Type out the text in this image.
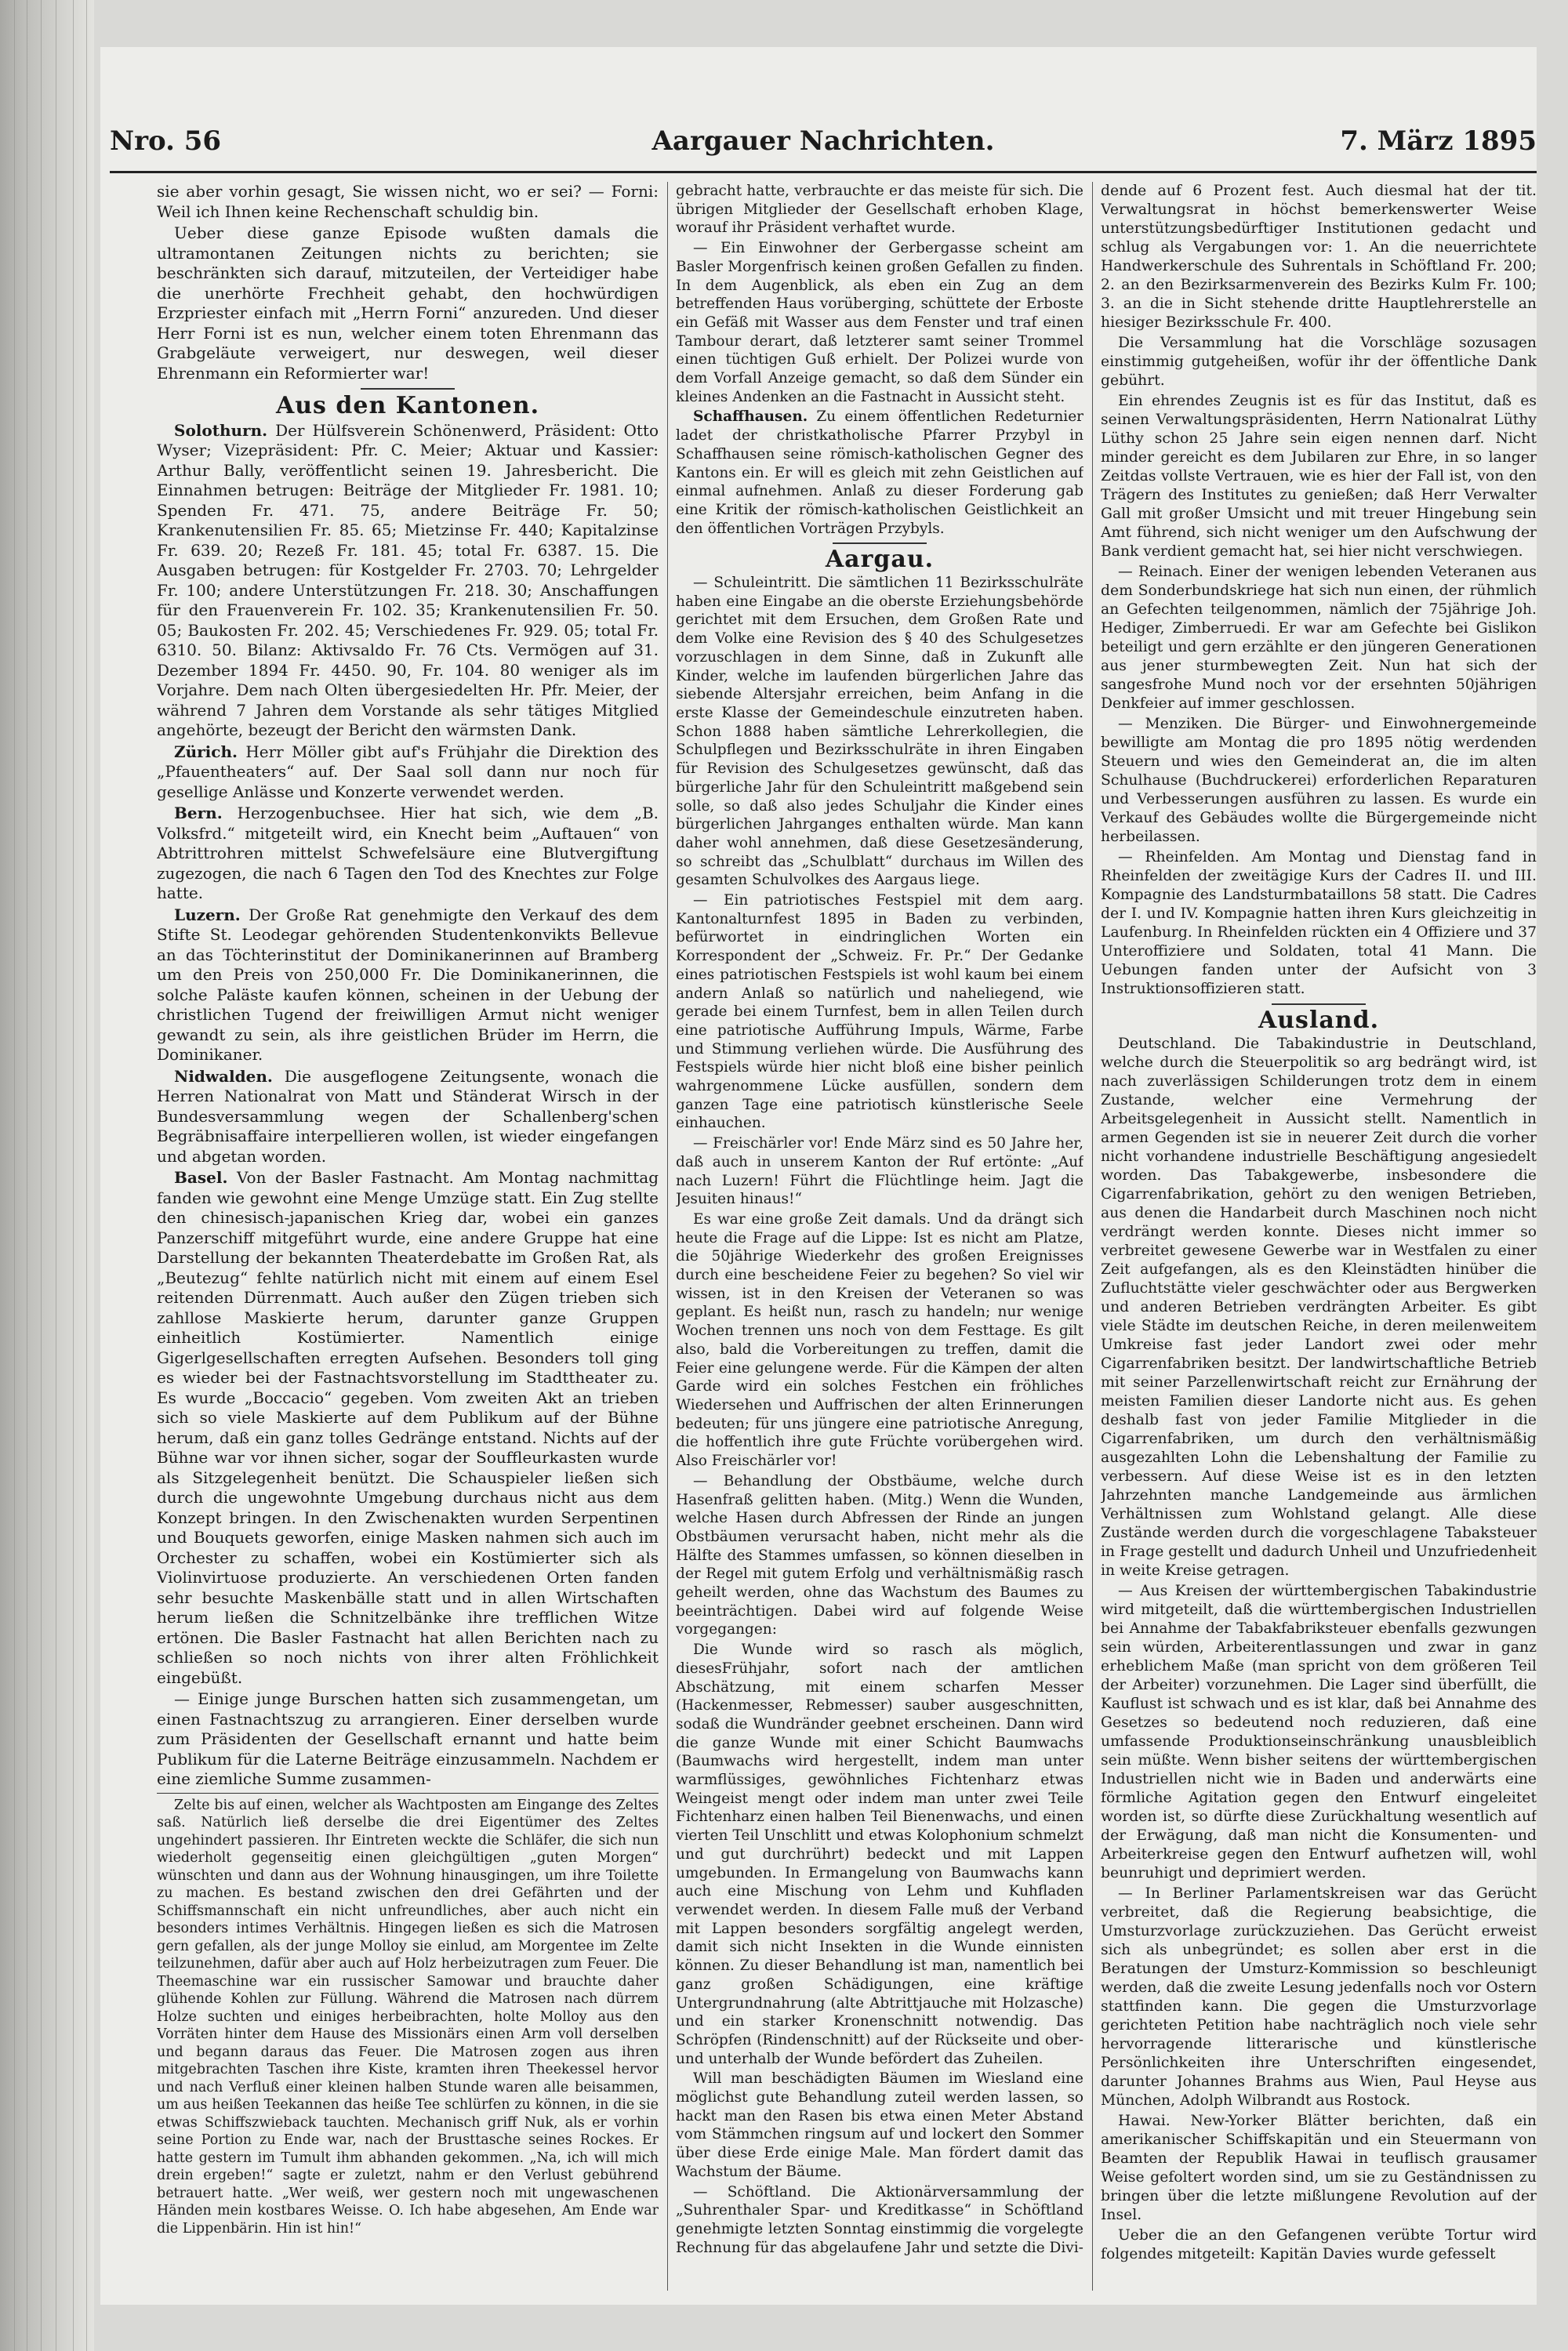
Nro. 56	Aargauer Nachrichten.	7. März 1895

sie aber vorhin gesagt, Sie wissen nicht, wo er sei? — Forni: Weil ich Ihnen keine Rechenschaft schuldig bin.

Ueber diese ganze Episode wußten damals die ultramontanen Zeitungen nichts zu berichten; sie beschränkten sich darauf, mitzuteilen, der Verteidiger habe die unerhörte Frechheit gehabt, den hochwürdigen Erzpriester einfach mit „Herrn Forni“ anzureden. Und dieser Herr Forni ist es nun, welcher einem toten Ehrenmann das Grabgeläute verweigert, nur deswegen, weil dieser Ehrenmann ein Reformierter war!

Aus den Kantonen.

Solothurn. Der Hülfsverein Schönenwerd, Präsident: Otto Wyser; Vizepräsident: Pfr. C. Meier; Aktuar und Kassier: Arthur Bally, veröffentlicht seinen 19. Jahresbericht. Die Einnahmen betrugen: Beiträge der Mitglieder Fr. 1981. 10; Spenden Fr. 471. 75, andere Beiträge Fr. 50; Krankenutensilien Fr. 85. 65; Mietzinse Fr. 440; Kapitalzinse Fr. 639. 20; Rezeß Fr. 181. 45; total Fr. 6387. 15. Die Ausgaben betrugen: für Kostgelder Fr. 2703. 70; Lehrgelder Fr. 100; andere Unterstützungen Fr. 218. 30; Anschaffungen für den Frauenverein Fr. 102. 35; Krankenutensilien Fr. 50. 05; Baukosten Fr. 202. 45; Verschiedenes Fr. 929. 05; total Fr. 6310. 50. Bilanz: Aktivsaldo Fr. 76 Cts. Vermögen auf 31. Dezember 1894 Fr. 4450. 90, Fr. 104. 80 weniger als im Vorjahre. Dem nach Olten übergesiedelten Hr. Pfr. Meier, der während 7 Jahren dem Vorstande als sehr tätiges Mitglied angehörte, bezeugt der Bericht den wärmsten Dank.

Zürich. Herr Möller gibt auf's Frühjahr die Direktion des „Pfauentheaters“ auf. Der Saal soll dann nur noch für gesellige Anlässe und Konzerte verwendet werden.

Bern. Herzogenbuchsee. Hier hat sich, wie dem „B. Volksfrd.“ mitgeteilt wird, ein Knecht beim „Auftauen“ von Abtrittrohren mittelst Schwefelsäure eine Blutvergiftung zugezogen, die nach 6 Tagen den Tod des Knechtes zur Folge hatte.

Luzern. Der Große Rat genehmigte den Verkauf des dem Stifte St. Leodegar gehörenden Studentenkonvikts Bellevue an das Töchterinstitut der Dominikanerinnen auf Bramberg um den Preis von 250,000 Fr. Die Dominikanerinnen, die solche Paläste kaufen können, scheinen in der Uebung der christlichen Tugend der freiwilligen Armut nicht weniger gewandt zu sein, als ihre geistlichen Brüder im Herrn, die Dominikaner.

Nidwalden. Die ausgeflogene Zeitungsente, wonach die Herren Nationalrat von Matt und Ständerat Wirsch in der Bundesversammlung wegen der Schallenberg'schen Begräbnisaffaire interpellieren wollen, ist wieder eingefangen und abgetan worden.

Basel. Von der Basler Fastnacht. Am Montag nachmittag fanden wie gewohnt eine Menge Umzüge statt. Ein Zug stellte den chinesisch-japanischen Krieg dar, wobei ein ganzes Panzerschiff mitgeführt wurde, eine andere Gruppe hat eine Darstellung der bekannten Theaterdebatte im Großen Rat, als „Beutezug“ fehlte natürlich nicht mit einem auf einem Esel reitenden Dürrenmatt. Auch außer den Zügen trieben sich zahllose Maskierte herum, darunter ganze Gruppen einheitlich Kostümierter. Namentlich einige Gigerlgesellschaften erregten Aufsehen. Besonders toll ging es wieder bei der Fastnachtsvorstellung im Stadttheater zu. Es wurde „Boccacio“ gegeben. Vom zweiten Akt an trieben sich so viele Maskierte auf dem Publikum auf der Bühne herum, daß ein ganz tolles Gedränge entstand. Nichts auf der Bühne war vor ihnen sicher, sogar der Souffleurkasten wurde als Sitzgelegenheit benützt. Die Schauspieler ließen sich durch die ungewohnte Umgebung durchaus nicht aus dem Konzept bringen. In den Zwischenakten wurden Serpentinen und Bouquets geworfen, einige Masken nahmen sich auch im Orchester zu schaffen, wobei ein Kostümierter sich als Violinvirtuose produzierte. An verschiedenen Orten fanden sehr besuchte Maskenbälle statt und in allen Wirtschaften herum ließen die Schnitzelbänke ihre trefflichen Witze ertönen. Die Basler Fastnacht hat allen Berichten nach zu schließen so noch nichts von ihrer alten Fröhlichkeit eingebüßt.

— Einige junge Burschen hatten sich zusammengetan, um einen Fastnachtszug zu arrangieren. Einer derselben wurde zum Präsidenten der Gesellschaft ernannt und hatte beim Publikum für die Laterne Beiträge einzusammeln. Nachdem er eine ziemliche Summe zusammen-

Zelte bis auf einen, welcher als Wachtposten am Eingange des Zeltes saß. Natürlich ließ derselbe die drei Eigentümer des Zeltes ungehindert passieren. Ihr Eintreten weckte die Schläfer, die sich nun wiederholt gegenseitig einen gleichgültigen „guten Morgen“ wünschten und dann aus der Wohnung hinausgingen, um ihre Toilette zu machen. Es bestand zwischen den drei Gefährten und der Schiffsmannschaft ein nicht unfreundliches, aber auch nicht ein besonders intimes Verhältnis. Hingegen ließen es sich die Matrosen gern gefallen, als der junge Molloy sie einlud, am Morgentee im Zelte teilzunehmen, dafür aber auch auf Holz herbeizutragen zum Feuer. Die Theemaschine war ein russischer Samowar und brauchte daher glühende Kohlen zur Füllung. Während die Matrosen nach dürrem Holze suchten und einiges herbeibrachten, holte Molloy aus den Vorräten hinter dem Hause des Missionärs einen Arm voll derselben und begann daraus das Feuer. Die Matrosen zogen aus ihren mitgebrachten Taschen ihre Kiste, kramten ihren Theekessel hervor und nach Verfluß einer kleinen halben Stunde waren alle beisammen, um aus heißen Teekannen das heiße Tee schlürfen zu können, in die sie etwas Schiffszwieback tauchten. Mechanisch griff Nuk, als er vorhin seine Portion zu Ende war, nach der Brusttasche seines Rockes. Er hatte gestern im Tumult ihm abhanden gekommen. „Na, ich will mich drein ergeben!“ sagte er zuletzt, nahm er den Verlust gebührend betrauert hatte. „Wer weiß, wer gestern noch mit ungewaschenen Händen mein kostbares Weisse. O. Ich habe abgesehen, Am Ende war die Lippenbärin. Hin ist hin!“

gebracht hatte, verbrauchte er das meiste für sich. Die übrigen Mitglieder der Gesellschaft erhoben Klage, worauf ihr Präsident verhaftet wurde.

— Ein Einwohner der Gerbergasse scheint am Basler Morgenfrisch keinen großen Gefallen zu finden. In dem Augenblick, als eben ein Zug an dem betreffenden Haus vorüberging, schüttete der Erboste ein Gefäß mit Wasser aus dem Fenster und traf einen Tambour derart, daß letzterer samt seiner Trommel einen tüchtigen Guß erhielt. Der Polizei wurde von dem Vorfall Anzeige gemacht, so daß dem Sünder ein kleines Andenken an die Fastnacht in Aussicht steht.

Schaffhausen. Zu einem öffentlichen Redeturnier ladet der christkatholische Pfarrer Przybyl in Schaffhausen seine römisch-katholischen Gegner des Kantons ein. Er will es gleich mit zehn Geistlichen auf einmal aufnehmen. Anlaß zu dieser Forderung gab eine Kritik der römisch-katholischen Geistlichkeit an den öffentlichen Vorträgen Przybyls.

Aargau.

— Schuleintritt. Die sämtlichen 11 Bezirksschulräte haben eine Eingabe an die oberste Erziehungsbehörde gerichtet mit dem Ersuchen, dem Großen Rate und dem Volke eine Revision des § 40 des Schulgesetzes vorzuschlagen in dem Sinne, daß in Zukunft alle Kinder, welche im laufenden bürgerlichen Jahre das siebende Altersjahr erreichen, beim Anfang in die erste Klasse der Gemeindeschule einzutreten haben. Schon 1888 haben sämtliche Lehrerkollegien, die Schulpflegen und Bezirksschulräte in ihren Eingaben für Revision des Schulgesetzes gewünscht, daß das bürgerliche Jahr für den Schuleintritt maßgebend sein solle, so daß also jedes Schuljahr die Kinder eines bürgerlichen Jahrganges enthalten würde. Man kann daher wohl annehmen, daß diese Gesetzesänderung, so schreibt das „Schulblatt“ durchaus im Willen des gesamten Schulvolkes des Aargaus liege.

— Ein patriotisches Festspiel mit dem aarg. Kantonalturnfest 1895 in Baden zu verbinden, befürwortet in eindringlichen Worten ein Korrespondent der „Schweiz. Fr. Pr.“ Der Gedanke eines patriotischen Festspiels ist wohl kaum bei einem andern Anlaß so natürlich und naheliegend, wie gerade bei einem Turnfest, bem in allen Teilen durch eine patriotische Aufführung Impuls, Wärme, Farbe und Stimmung verliehen würde. Die Ausführung des Festspiels würde hier nicht bloß eine bisher peinlich wahrgenommene Lücke ausfüllen, sondern dem ganzen Tage eine patriotisch künstlerische Seele einhauchen.

— Freischärler vor! Ende März sind es 50 Jahre her, daß auch in unserem Kanton der Ruf ertönte: „Auf nach Luzern! Führt die Flüchtlinge heim. Jagt die Jesuiten hinaus!“

Es war eine große Zeit damals. Und da drängt sich heute die Frage auf die Lippe: Ist es nicht am Platze, die 50jährige Wiederkehr des großen Ereignisses durch eine bescheidene Feier zu begehen? So viel wir wissen, ist in den Kreisen der Veteranen so was geplant. Es heißt nun, rasch zu handeln; nur wenige Wochen trennen uns noch von dem Festtage. Es gilt also, bald die Vorbereitungen zu treffen, damit die Feier eine gelungene werde. Für die Kämpen der alten Garde wird ein solches Festchen ein fröhliches Wiedersehen und Auffrischen der alten Erinnerungen bedeuten; für uns jüngere eine patriotische Anregung, die hoffentlich ihre gute Früchte vorübergehen wird. Also Freischärler vor!

— Behandlung der Obstbäume, welche durch Hasenfraß gelitten haben. (Mitg.) Wenn die Wunden, welche Hasen durch Abfressen der Rinde an jungen Obstbäumen verursacht haben, nicht mehr als die Hälfte des Stammes umfassen, so können dieselben in der Regel mit gutem Erfolg und verhältnismäßig rasch geheilt werden, ohne das Wachstum des Baumes zu beeinträchtigen. Dabei wird auf folgende Weise vorgegangen:

Die Wunde wird so rasch als möglich, diesesFrühjahr, sofort nach der amtlichen Abschätzung, mit einem scharfen Messer (Hackenmesser, Rebmesser) sauber ausgeschnitten, sodaß die Wundränder geebnet erscheinen. Dann wird die ganze Wunde mit einer Schicht Baumwachs (Baumwachs wird hergestellt, indem man unter warmflüssiges, gewöhnliches Fichtenharz etwas Weingeist mengt oder indem man unter zwei Teile Fichtenharz einen halben Teil Bienenwachs, und einen vierten Teil Unschlitt und etwas Kolophonium schmelzt und gut durchrührt) bedeckt und mit Lappen umgebunden. In Ermangelung von Baumwachs kann auch eine Mischung von Lehm und Kuhfladen verwendet werden. In diesem Falle muß der Verband mit Lappen besonders sorgfältig angelegt werden, damit sich nicht Insekten in die Wunde einnisten können. Zu dieser Behandlung ist man, namentlich bei ganz großen Schädigungen, eine kräftige Untergrundnahrung (alte Abtrittjauche mit Holzasche) und ein starker Kronenschnitt notwendig. Das Schröpfen (Rindenschnitt) auf der Rückseite und ober- und unterhalb der Wunde befördert das Zuheilen.

Will man beschädigten Bäumen im Wiesland eine möglichst gute Behandlung zuteil werden lassen, so hackt man den Rasen bis etwa einen Meter Abstand vom Stämmchen ringsum auf und lockert den Sommer über diese Erde einige Male. Man fördert damit das Wachstum der Bäume.

— Schöftland. Die Aktionärversammlung der „Suhrenthaler Spar- und Kreditkasse“ in Schöftland genehmigte letzten Sonntag einstimmig die vorgelegte Rechnung für das abgelaufene Jahr und setzte die Divi-

dende auf 6 Prozent fest. Auch diesmal hat der tit. Verwaltungsrat in höchst bemerkenswerter Weise unterstützungsbedürftiger Institutionen gedacht und schlug als Vergabungen vor: 1. An die neuerrichtete Handwerkerschule des Suhrentals in Schöftland Fr. 200; 2. an den Bezirksarmenverein des Bezirks Kulm Fr. 100; 3. an die in Sicht stehende dritte Hauptlehrerstelle an hiesiger Bezirksschule Fr. 400.

Die Versammlung hat die Vorschläge sozusagen einstimmig gutgeheißen, wofür ihr der öffentliche Dank gebührt.

Ein ehrendes Zeugnis ist es für das Institut, daß es seinen Verwaltungspräsidenten, Herrn Nationalrat Lüthy Lüthy schon 25 Jahre sein eigen nennen darf. Nicht minder gereicht es dem Jubilaren zur Ehre, in so langer Zeitdas vollste Vertrauen, wie es hier der Fall ist, von den Trägern des Institutes zu genießen; daß Herr Verwalter Gall mit großer Umsicht und mit treuer Hingebung sein Amt führend, sich nicht weniger um den Aufschwung der Bank verdient gemacht hat, sei hier nicht verschwiegen.

— Reinach. Einer der wenigen lebenden Veteranen aus dem Sonderbundskriege hat sich nun einen, der rühmlich an Gefechten teilgenommen, nämlich der 75jährige Joh. Hediger, Zimberruedi. Er war am Gefechte bei Gislikon beteiligt und gern erzählte er den jüngeren Generationen aus jener sturmbewegten Zeit. Nun hat sich der sangesfrohe Mund noch vor der ersehnten 50jährigen Denkfeier auf immer geschlossen.

— Menziken. Die Bürger- und Einwohnergemeinde bewilligte am Montag die pro 1895 nötig werdenden Steuern und wies den Gemeinderat an, die im alten Schulhause (Buchdruckerei) erforderlichen Reparaturen und Verbesserungen ausführen zu lassen. Es wurde ein Verkauf des Gebäudes wollte die Bürgergemeinde nicht herbeilassen.

— Rheinfelden. Am Montag und Dienstag fand in Rheinfelden der zweitägige Kurs der Cadres II. und III. Kompagnie des Landsturmbataillons 58 statt. Die Cadres der I. und IV. Kompagnie hatten ihren Kurs gleichzeitig in Laufenburg. In Rheinfelden rückten ein 4 Offiziere und 37 Unteroffiziere und Soldaten, total 41 Mann. Die Uebungen fanden unter der Aufsicht von 3 Instruktionsoffizieren statt.

Ausland.

Deutschland. Die Tabakindustrie in Deutschland, welche durch die Steuerpolitik so arg bedrängt wird, ist nach zuverlässigen Schilderungen trotz dem in einem Zustande, welcher eine Vermehrung der Arbeitsgelegenheit in Aussicht stellt. Namentlich in armen Gegenden ist sie in neuerer Zeit durch die vorher nicht vorhandene industrielle Beschäftigung angesiedelt worden. Das Tabakgewerbe, insbesondere die Cigarrenfabrikation, gehört zu den wenigen Betrieben, aus denen die Handarbeit durch Maschinen noch nicht verdrängt werden konnte. Dieses nicht immer so verbreitet gewesene Gewerbe war in Westfalen zu einer Zeit aufgefangen, als es den Kleinstädten hinüber die Zufluchtstätte vieler geschwächter oder aus Bergwerken und anderen Betrieben verdrängten Arbeiter. Es gibt viele Städte im deutschen Reiche, in deren meilenweitem Umkreise fast jeder Landort zwei oder mehr Cigarrenfabriken besitzt. Der landwirtschaftliche Betrieb mit seiner Parzellenwirtschaft reicht zur Ernährung der meisten Familien dieser Landorte nicht aus. Es gehen deshalb fast von jeder Familie Mitglieder in die Cigarrenfabriken, um durch den verhältnismäßig ausgezahlten Lohn die Lebenshaltung der Familie zu verbessern. Auf diese Weise ist es in den letzten Jahrzehnten manche Landgemeinde aus ärmlichen Verhältnissen zum Wohlstand gelangt. Alle diese Zustände werden durch die vorgeschlagene Tabaksteuer in Frage gestellt und dadurch Unheil und Unzufriedenheit in weite Kreise getragen.

— Aus Kreisen der württembergischen Tabakindustrie wird mitgeteilt, daß die württembergischen Industriellen bei Annahme der Tabakfabriksteuer ebenfalls gezwungen sein würden, Arbeiterentlassungen und zwar in ganz erheblichem Maße (man spricht von dem größeren Teil der Arbeiter) vorzunehmen. Die Lager sind überfüllt, die Kauflust ist schwach und es ist klar, daß bei Annahme des Gesetzes so bedeutend noch reduzieren, daß eine umfassende Produktionseinschränkung unausbleiblich sein müßte. Wenn bisher seitens der württembergischen Industriellen nicht wie in Baden und anderwärts eine förmliche Agitation gegen den Entwurf eingeleitet worden ist, so dürfte diese Zurückhaltung wesentlich auf der Erwägung, daß man nicht die Konsumenten- und Arbeiterkreise gegen den Entwurf aufhetzen will, wohl beunruhigt und deprimiert werden.

— In Berliner Parlamentskreisen war das Gerücht verbreitet, daß die Regierung beabsichtige, die Umsturzvorlage zurückzuziehen. Das Gerücht erweist sich als unbegründet; es sollen aber erst in die Beratungen der Umsturz-Kommission so beschleunigt werden, daß die zweite Lesung jedenfalls noch vor Ostern stattfinden kann. Die gegen die Umsturzvorlage gerichteten Petition habe nachträglich noch viele sehr hervorragende litterarische und künstlerische Persönlichkeiten ihre Unterschriften eingesendet, darunter Johannes Brahms aus Wien, Paul Heyse aus München, Adolph Wilbrandt aus Rostock.

Hawai. New-Yorker Blätter berichten, daß ein amerikanischer Schiffskapitän und ein Steuermann von Beamten der Republik Hawai in teuflisch grausamer Weise gefoltert worden sind, um sie zu Geständnissen zu bringen über die letzte mißlungene Revolution auf der Insel.

Ueber die an den Gefangenen verübte Tortur wird folgendes mitgeteilt: Kapitän Davies wurde gefesselt
